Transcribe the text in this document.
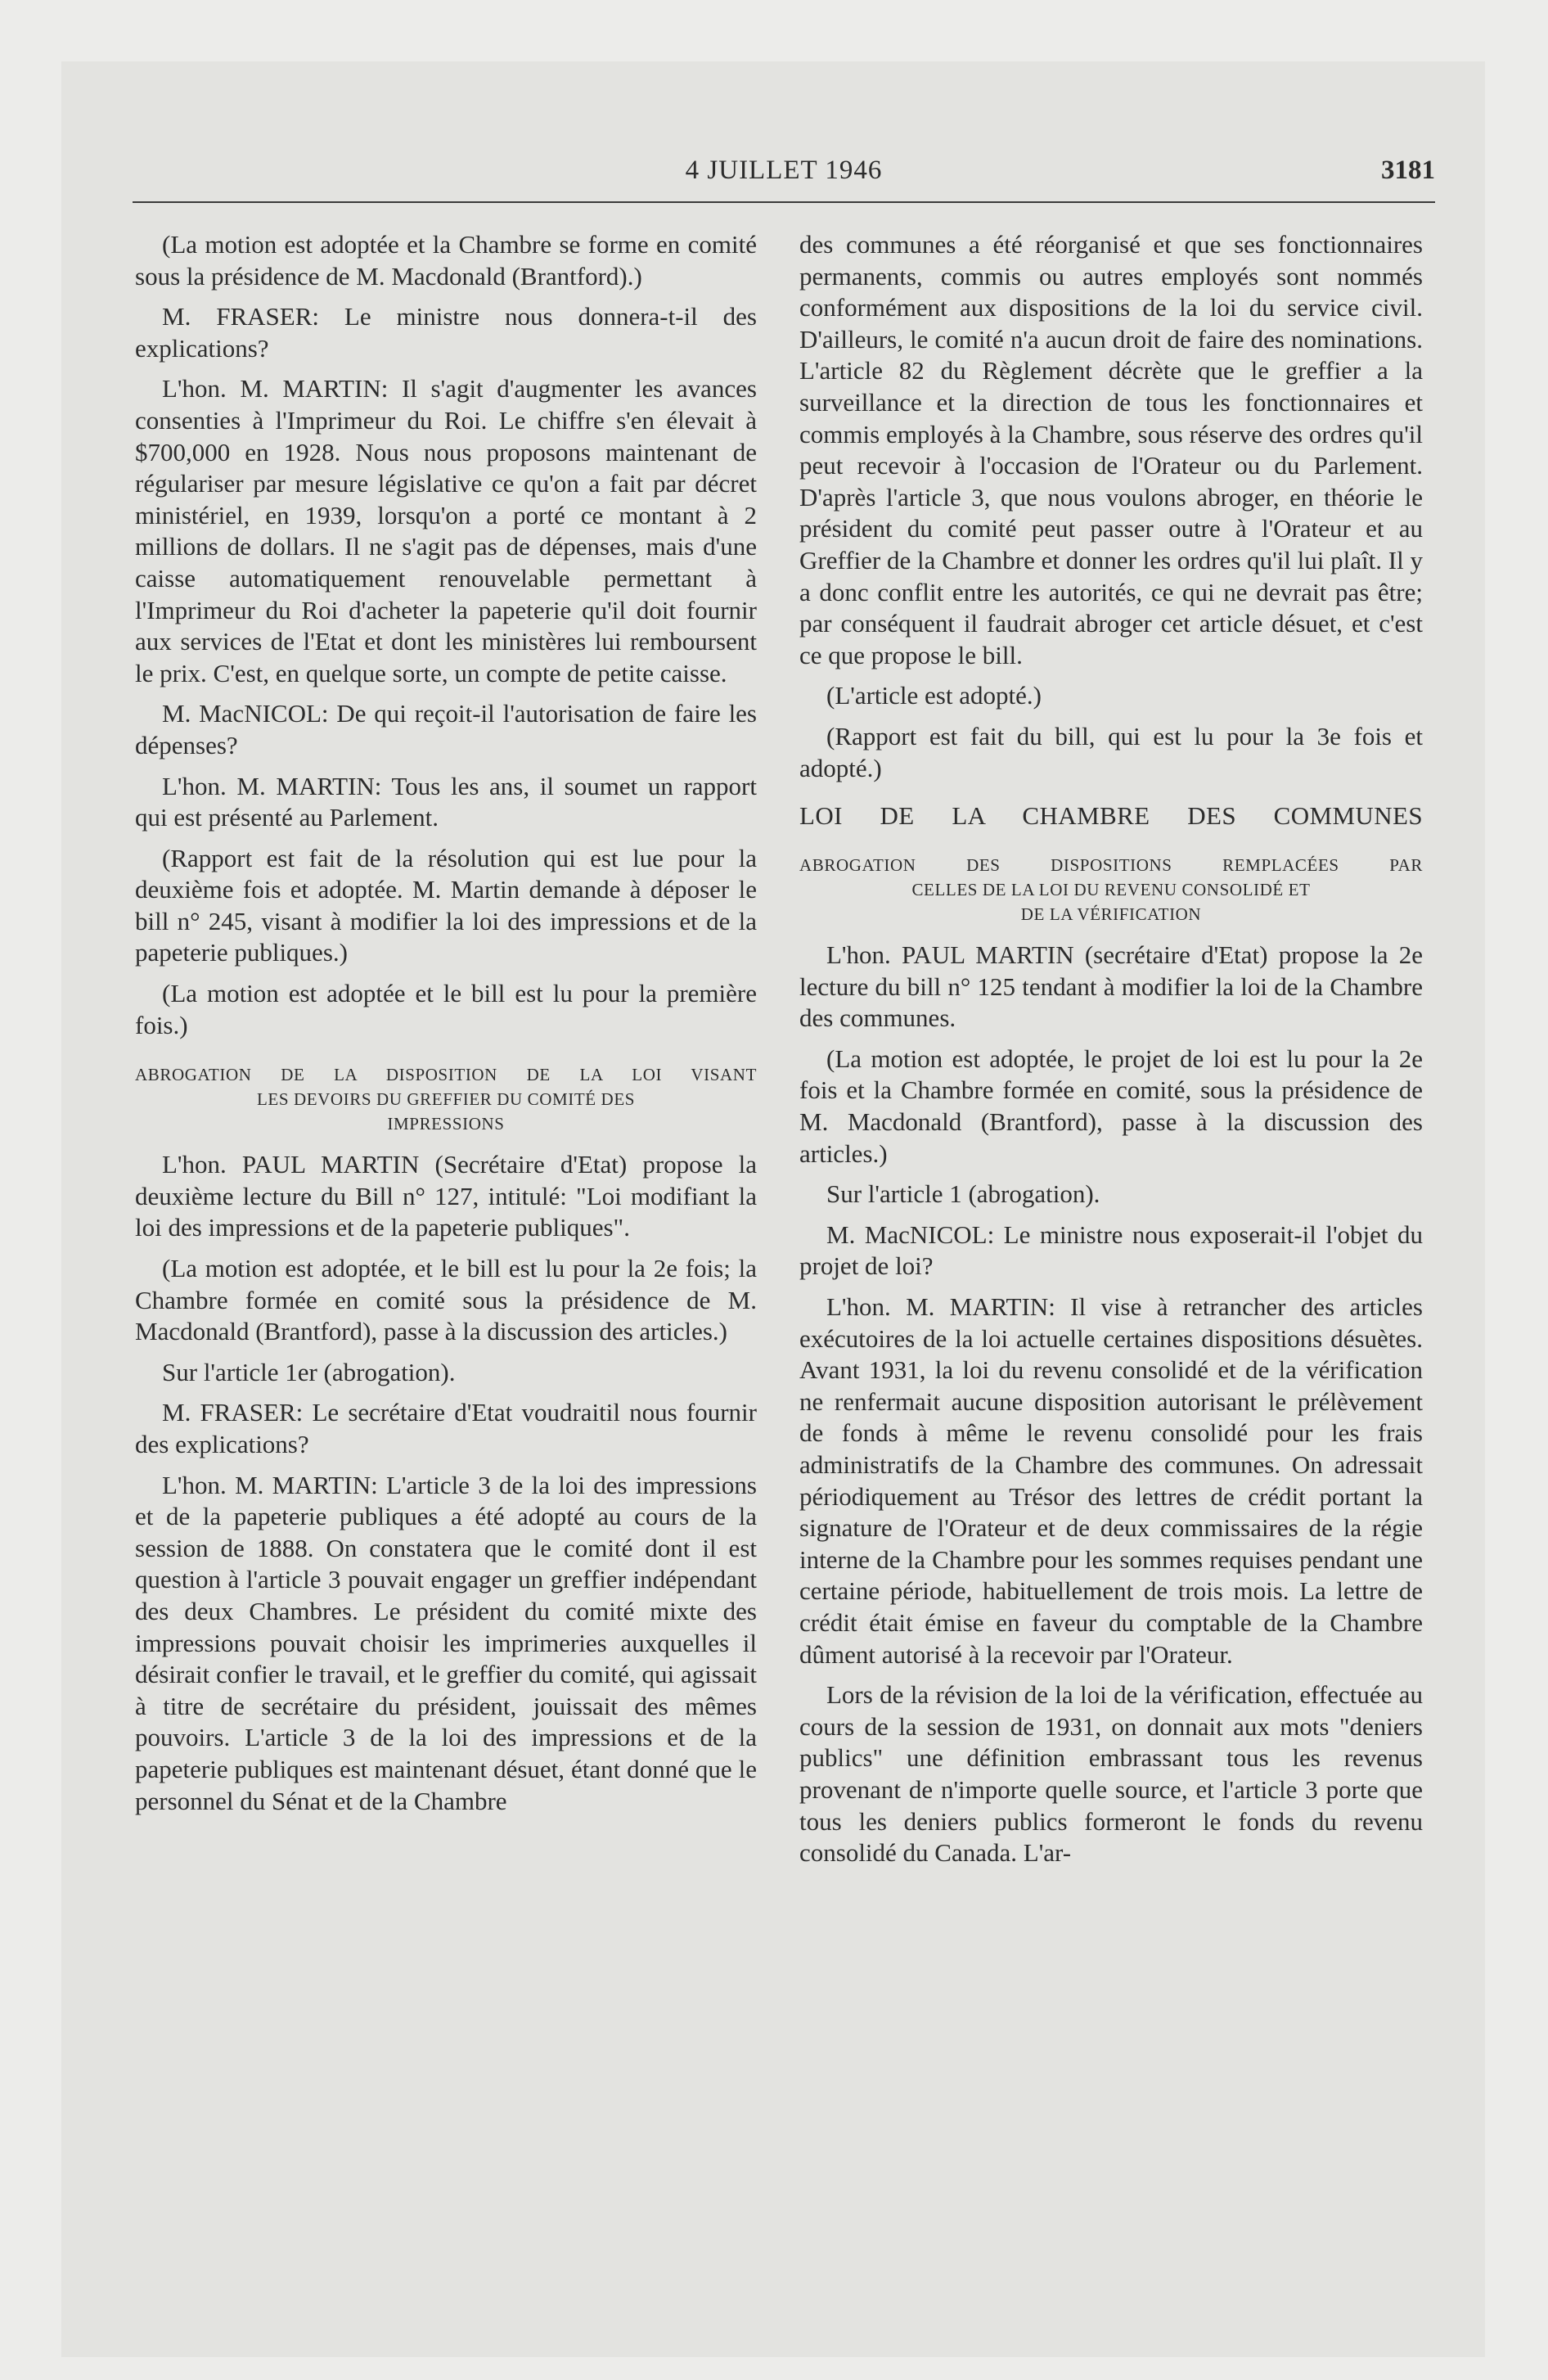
4 JUILLET 1946	3181

(La motion est adoptée et la Chambre se forme en comité sous la présidence de M. Macdonald (Brantford).)

M. FRASER: Le ministre nous donnera-t-il des explications?

L'hon. M. MARTIN: Il s'agit d'augmenter les avances consenties à l'Imprimeur du Roi. Le chiffre s'en élevait à $700,000 en 1928. Nous nous proposons maintenant de régulariser par mesure législative ce qu'on a fait par décret ministériel, en 1939, lorsqu'on a porté ce montant à 2 millions de dollars. Il ne s'agit pas de dépenses, mais d'une caisse automatiquement renouvelable permettant à l'Imprimeur du Roi d'acheter la papeterie qu'il doit fournir aux services de l'Etat et dont les ministères lui remboursent le prix. C'est, en quelque sorte, un compte de petite caisse.

M. MacNICOL: De qui reçoit-il l'autorisation de faire les dépenses?

L'hon. M. MARTIN: Tous les ans, il soumet un rapport qui est présenté au Parlement.

(Rapport est fait de la résolution qui est lue pour la deuxième fois et adoptée. M. Martin demande à déposer le bill n° 245, visant à modifier la loi des impressions et de la papeterie publiques.)

(La motion est adoptée et le bill est lu pour la première fois.)

ABROGATION DE LA DISPOSITION DE LA LOI VISANT
LES DEVOIRS DU GREFFIER DU COMITÉ DES
IMPRESSIONS

L'hon. PAUL MARTIN (Secrétaire d'Etat) propose la deuxième lecture du Bill n° 127, intitulé: "Loi modifiant la loi des impressions et de la papeterie publiques".

(La motion est adoptée, et le bill est lu pour la 2e fois; la Chambre formée en comité sous la présidence de M. Macdonald (Brantford), passe à la discussion des articles.)

Sur l'article 1er (abrogation).

M. FRASER: Le secrétaire d'Etat voudraitil nous fournir des explications?

L'hon. M. MARTIN: L'article 3 de la loi des impressions et de la papeterie publiques a été adopté au cours de la session de 1888. On constatera que le comité dont il est question à l'article 3 pouvait engager un greffier indépendant des deux Chambres. Le président du comité mixte des impressions pouvait choisir les imprimeries auxquelles il désirait confier le travail, et le greffier du comité, qui agissait à titre de secrétaire du président, jouissait des mêmes pouvoirs. L'article 3 de la loi des impressions et de la papeterie publiques est maintenant désuet, étant donné que le personnel du Sénat et de la Chambre

des communes a été réorganisé et que ses fonctionnaires permanents, commis ou autres employés sont nommés conformément aux dispositions de la loi du service civil. D'ailleurs, le comité n'a aucun droit de faire des nominations. L'article 82 du Règlement décrète que le greffier a la surveillance et la direction de tous les fonctionnaires et commis employés à la Chambre, sous réserve des ordres qu'il peut recevoir à l'occasion de l'Orateur ou du Parlement. D'après l'article 3, que nous voulons abroger, en théorie le président du comité peut passer outre à l'Orateur et au Greffier de la Chambre et donner les ordres qu'il lui plaît. Il y a donc conflit entre les autorités, ce qui ne devrait pas être; par conséquent il faudrait abroger cet article désuet, et c'est ce que propose le bill.

(L'article est adopté.)

(Rapport est fait du bill, qui est lu pour la 3e fois et adopté.)

LOI DE LA CHAMBRE DES COMMUNES
ABROGATION DES DISPOSITIONS REMPLACÉES PAR
CELLES DE LA LOI DU REVENU CONSOLIDÉ ET
DE LA VÉRIFICATION

L'hon. PAUL MARTIN (secrétaire d'Etat) propose la 2e lecture du bill n° 125 tendant à modifier la loi de la Chambre des communes.

(La motion est adoptée, le projet de loi est lu pour la 2e fois et la Chambre formée en comité, sous la présidence de M. Macdonald (Brantford), passe à la discussion des articles.)

Sur l'article 1 (abrogation).

M. MacNICOL: Le ministre nous exposerait-il l'objet du projet de loi?

L'hon. M. MARTIN: Il vise à retrancher des articles exécutoires de la loi actuelle certaines dispositions désuètes. Avant 1931, la loi du revenu consolidé et de la vérification ne renfermait aucune disposition autorisant le prélèvement de fonds à même le revenu consolidé pour les frais administratifs de la Chambre des communes. On adressait périodiquement au Trésor des lettres de crédit portant la signature de l'Orateur et de deux commissaires de la régie interne de la Chambre pour les sommes requises pendant une certaine période, habituellement de trois mois. La lettre de crédit était émise en faveur du comptable de la Chambre dûment autorisé à la recevoir par l'Orateur.

Lors de la révision de la loi de la vérification, effectuée au cours de la session de 1931, on donnait aux mots "deniers publics" une définition embrassant tous les revenus provenant de n'importe quelle source, et l'article 3 porte que tous les deniers publics formeront le fonds du revenu consolidé du Canada. L'ar-
